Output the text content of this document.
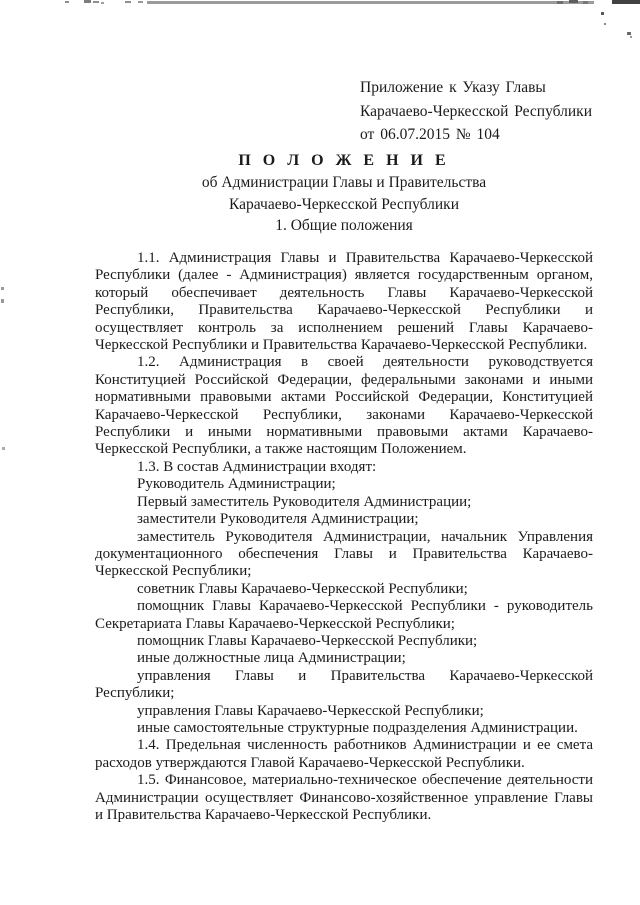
Приложение к Указу Главы
Карачаево-Черкесской Республики
от 06.07.2015 № 104
П О Л О Ж Е Н И Е
об Администрации Главы и Правительства
Карачаево-Черкесской Республики
1. Общие положения

1.1. Администрация Главы и Правительства Карачаево-Черкесской Республики (далее - Администрация) является государственным органом, который обеспечивает деятельность Главы Карачаево-Черкесской Республики, Правительства Карачаево-Черкесской Республики и осуществляет контроль за исполнением решений Главы Карачаево-Черкесской Республики и Правительства Карачаево-Черкесской Республики.

1.2. Администрация в своей деятельности руководствуется Конституцией Российской Федерации, федеральными законами и иными нормативными правовыми актами Российской Федерации, Конституцией Карачаево-Черкесской Республики, законами Карачаево-Черкесской Республики и иными нормативными правовыми актами Карачаево-Черкесской Республики, а также настоящим Положением.

1.3. В состав Администрации входят:

Руководитель Администрации;

Первый заместитель Руководителя Администрации;

заместители Руководителя Администрации;

заместитель Руководителя Администрации, начальник Управления документационного обеспечения Главы и Правительства Карачаево-Черкесской Республики;

советник Главы Карачаево-Черкесской Республики;

помощник Главы Карачаево-Черкесской Республики - руководитель Секретариата Главы Карачаево-Черкесской Республики;

помощник Главы Карачаево-Черкесской Республики;

иные должностные лица Администрации;

управления Главы и Правительства Карачаево-Черкесской Республики;

управления Главы Карачаево-Черкесской Республики;

иные самостоятельные структурные подразделения Администрации.

1.4. Предельная численность работников Администрации и ее смета расходов утверждаются Главой Карачаево-Черкесской Республики.

1.5. Финансовое, материально-техническое обеспечение деятельности Администрации осуществляет Финансово-хозяйственное управление Главы и Правительства Карачаево-Черкесской Республики.
